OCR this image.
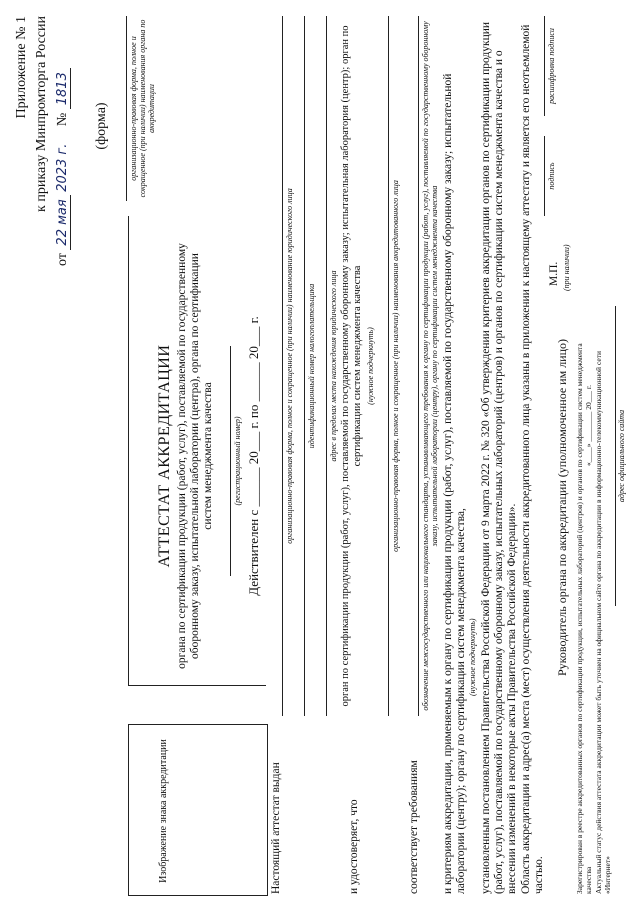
Приложение № 1 к приказу Минпромторга России
от 22 мая 2023 г. № 1813
(форма)	организационно-правовая форма, полное и сокращенное (при наличии) наименования органа по аккредитации
Изображение знака аккредитации
АТТЕСТАТ АККРЕДИТАЦИИ органа по сертификации продукции (работ, услуг), поставляемой по государственному оборонному заказу, испытательной лаборатории (центра), органа по сертификации систем менеджмента качества (регистрационный номер) Действителен с ______ 20___ г. по ______ 20___ г.
Настоящий аттестат выдан
организационно-правовая форма, полное и сокращенное (при наличии) наименование юридического лица идентификационный номер налогоплательщика адрес в пределах места нахождения юридического лица
и удостоверяет, что
орган по сертификации продукции (работ, услуг), поставляемой по государственному оборонному заказу; испытательная лаборатория (центр); орган по сертификации систем менеджмента качества (нужное подчеркнуть) организационно-правовая форма, полное и сокращенное (при наличии) наименования аккредитованного лица
соответствует требованиям
обозначение межгосударственного или национального стандарта, устанавливающего требования к органу по сертификации продукции (работ, услуг), поставляемой по государственному оборонному заказу, испытательной лаборатории (центру), органу по сертификации систем менеджмента качества и критериям аккредитации, применяемым к органу по сертификации продукции (работ, услуг), поставляемой по государственному оборонному заказу; испытательной лаборатории (центру); органу по сертификации систем менеджмента качества, (нужное подчеркнуть) установленным постановлением Правительства Российской Федерации от 9 марта 2022 г. № 320 «Об утверждении критериев аккредитации органов по сертификации продукции (работ, услуг), поставляемой по государственному оборонному заказу, испытательных лабораторий (центров) и органов по сертификации систем менеджмента качества и о внесении изменений в некоторые акты Правительства Российской Федерации». Область аккредитации и адрес(а) места (мест) осуществления деятельности аккредитованного лица указаны в приложении к настоящему аттестату и является его неотъемлемой частью.
Руководитель органа по аккредитации (уполномоченное им лицо)
М.П. (при наличии)
подпись
расшифровка подписи
Зарегистрирован в реестре аккредитованных органов по сертификации продукции, испытательных лабораторий (центров) и органов по сертификации систем менеджмента качества
«____» ________ 20___ г. Актуальный статус действия аттестата аккредитации может быть уточнен на официальном сайте органа по аккредитации в информационно-телекоммуникационной сети «Интернет»
адрес официального сайта
